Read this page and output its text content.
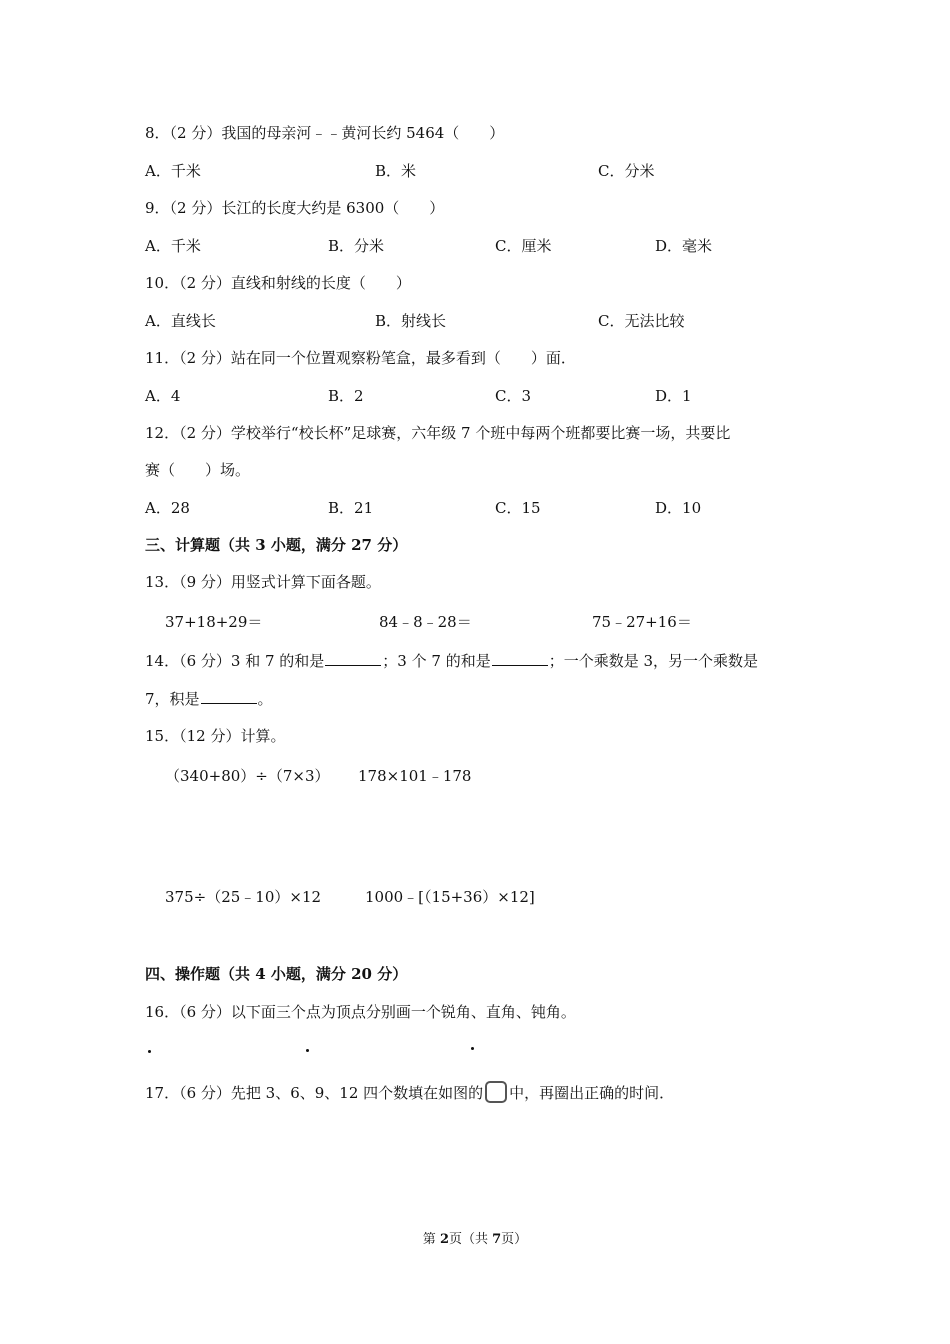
8．（2 分）我国的母亲河﹣﹣黄河长约 5464（　　）
A．千米	B．米	C．分米
9．（2 分）长江的长度大约是 6300（　　）
A．千米	B．分米	C．厘米	D．毫米
10．（2 分）直线和射线的长度（　　）
A．直线长	B．射线长	C．无法比较
11．（2 分）站在同一个位置观察粉笔盒，最多看到（　　）面．
A．4	B．2	C．3	D．1
12．（2 分）学校举行“校长杯”足球赛，六年级 7 个班中每两个班都要比赛一场，共要比
赛（　　）场。
A．28	B．21	C．15	D．10
三、计算题（共 3 小题，满分 27 分）
13．（9 分）用竖式计算下面各题。
37+18+29＝	84﹣8﹣28＝	75﹣27+16＝
14．（6 分）3 和 7 的和是	；3 个 7 的和是	；一个乘数是 3，另一个乘数是
7，积是	。
15．（12 分）计算。
（340+80）÷（7×3） 178×101﹣178
375÷（25﹣10）×12	1000﹣[（15+36）×12]
四、操作题（共 4 小题，满分 20 分）
16．（6 分）以下面三个点为顶点分别画一个锐角、直角、钝角。
17．（6 分）先把 3、6、9、12 四个数填在如图的 中，再圈出正确的时间．
第 2页（共 7页）
